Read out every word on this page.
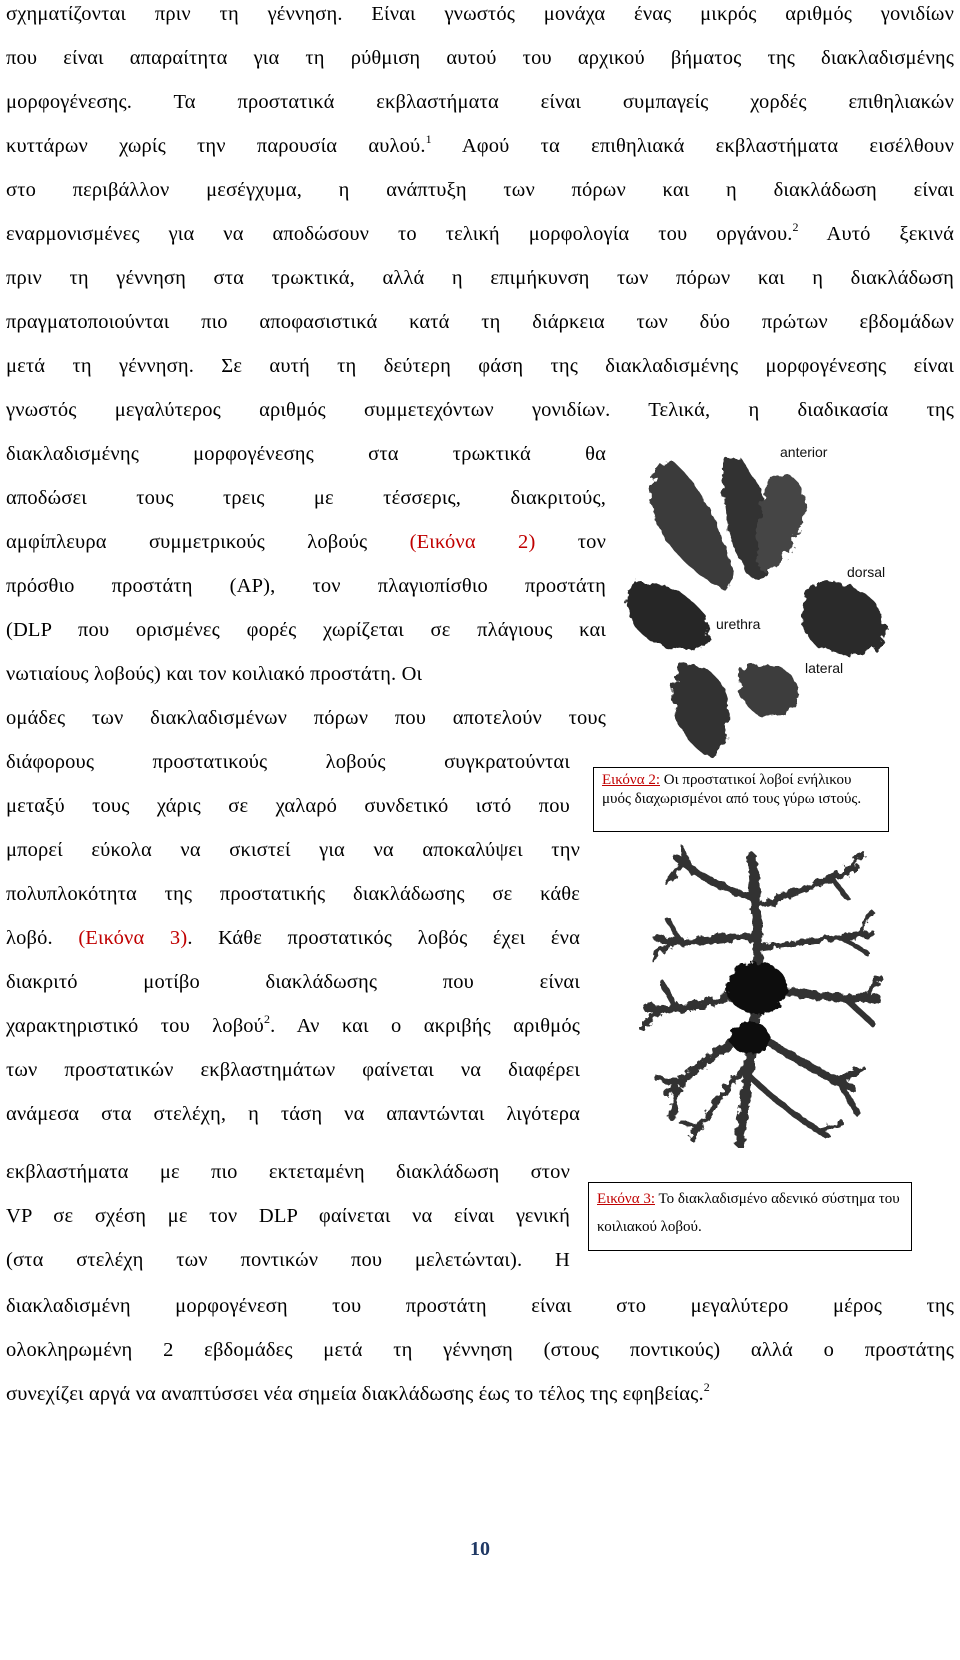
σχηματίζονται πριν τη γέννηση. Είναι γνωστός μονάχα ένας μικρός αριθμός γονιδίων
που είναι απαραίτητα για τη ρύθμιση αυτού του αρχικού βήματος της διακλαδισμένης
μορφογένεσης. Τα προστατικά εκβλαστήματα είναι συμπαγείς χορδές επιθηλιακών
κυττάρων χωρίς την παρουσία αυλού.$^1$ Αφού τα επιθηλιακά εκβλαστήματα εισέλθουν
στο περιβάλλον μεσέγχυμα, η ανάπτυξη των πόρων και η διακλάδωση είναι
εναρμονισμένες για να αποδώσουν το τελική μορφολογία του οργάνου.$^2$ Αυτό ξεκινά
πριν τη γέννηση στα τρωκτικά, αλλά η επιμήκυνση των πόρων και η διακλάδωση
πραγματοποιούνται πιο αποφασιστικά κατά τη διάρκεια των δύο πρώτων εβδομάδων
μετά τη γέννηση. Σε αυτή τη δεύτερη φάση της διακλαδισμένης μορφογένεσης είναι
γνωστός μεγαλύτερος αριθμός συμμετεχόντων γονιδίων. Τελικά, η διαδικασία της
διακλαδισμένης μορφογένεσης στα τρωκτικά θα
αποδώσει τους τρεις με τέσσερις, διακριτούς,
αμφίπλευρα συμμετρικούς λοβούς (Εικόνα 2) τον
πρόσθιο προστάτη (AP), τον πλαγιοπίσθιο προστάτη
(DLP που ορισμένες φορές χωρίζεται σε πλάγιους και
νωτιαίους λοβούς) και τον κοιλιακό προστάτη. Οι
ομάδες των διακλαδισμένων πόρων που αποτελούν τους
διάφορους προστατικούς λοβούς συγκρατούνται
μεταξύ τους χάρις σε χαλαρό συνδετικό ιστό που
μπορεί εύκολα να σκιστεί για να αποκαλύψει την
πολυπλοκότητα της προστατικής διακλάδωσης σε κάθε
λοβό. (Εικόνα 3). Κάθε προστατικός λοβός έχει ένα
διακριτό μοτίβο διακλάδωσης που είναι
χαρακτηριστικό του λοβού$^2$. Αν και ο ακριβής αριθμός
των προστατικών εκβλαστημάτων φαίνεται να διαφέρει
ανάμεσα στα στελέχη, η τάση να απαντώνται λιγότερα
εκβλαστήματα με πιο εκτεταμένη διακλάδωση στον
VP σε σχέση με τον DLP φαίνεται να είναι γενική
(στα στελέχη των ποντικών που μελετώνται). Η
διακλαδισμένη μορφογένεση του προστάτη είναι στο μεγαλύτερο μέρος της
ολοκληρωμένη 2 εβδομάδες μετά τη γέννηση (στους ποντικούς) αλλά ο προστάτης
συνεχίζει αργά να αναπτύσσει νέα σημεία διακλάδωσης έως το τέλος της εφηβείας.$^2$
anterior
dorsal
urethra
lateral
Εικόνα 2: Οι προστατικοί λοβοί ενήλικου μυός διαχωρισμένοι από τους γύρω ιστούς.
Εικόνα 3: Το διακλαδισμένο αδενικό σύστημα του κοιλιακού λοβού.
10
